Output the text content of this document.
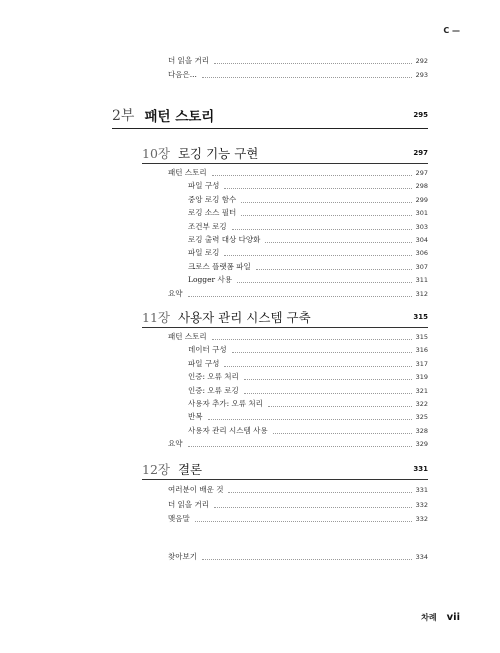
C —
더 읽을 거리	292
다음은...	293
2부 패턴 스토리	295
10장 로깅 기능 구현	297
패턴 스토리	297
파일 구성	298
중앙 로깅 함수	299
로깅 소스 필터	301
조건부 로깅	303
로깅 출력 대상 다양화	304
파일 로깅	306
크로스 플랫폼 파일	307
Logger 사용	311
요약	312
11장 사용자 관리 시스템 구축	315
패턴 스토리	315
데이터 구성	316
파일 구성	317
인증: 오류 처리	319
인증: 오류 로깅	321
사용자 추가: 오류 처리	322
반복	325
사용자 관리 시스템 사용	328
요약	329
12장 결론	331
여러분이 배운 것	331
더 읽을 거리	332
맺음말	332
찾아보기	334
차례 vii
